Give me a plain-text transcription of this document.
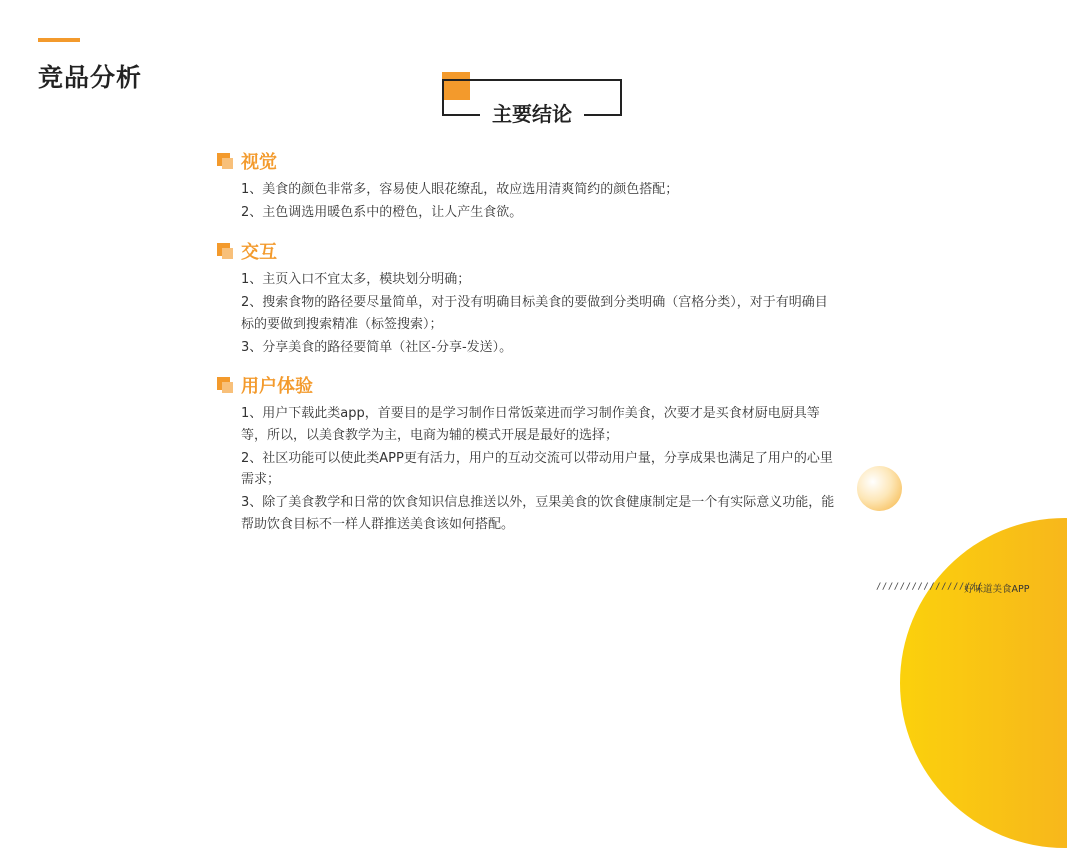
竞品分析
主要结论
视觉
1、美食的颜色非常多，容易使人眼花缭乱，故应选用清爽简约的颜色搭配；
2、主色调选用暖色系中的橙色，让人产生食欲。
交互
1、主页入口不宜太多，模块划分明确；
2、搜索食物的路径要尽量简单，对于没有明确目标美食的要做到分类明确（宫格分类），对于有明确目标的要做到搜索精准（标签搜索）；
3、分享美食的路径要简单（社区-分享-发送）。
用户体验
1、用户下载此类app，首要目的是学习制作日常饭菜进而学习制作美食，次要才是买食材厨电厨具等等，所以，以美食教学为主，电商为辅的模式开展是最好的选择；
2、社区功能可以使此类APP更有活力，用户的互动交流可以带动用户量，分享成果也满足了用户的心里需求；
3、除了美食教学和日常的饮食知识信息推送以外，豆果美食的饮食健康制定是一个有实际意义功能，能帮助饮食目标不一样人群推送美食该如何搭配。
//////////////////
好味道美食APP
